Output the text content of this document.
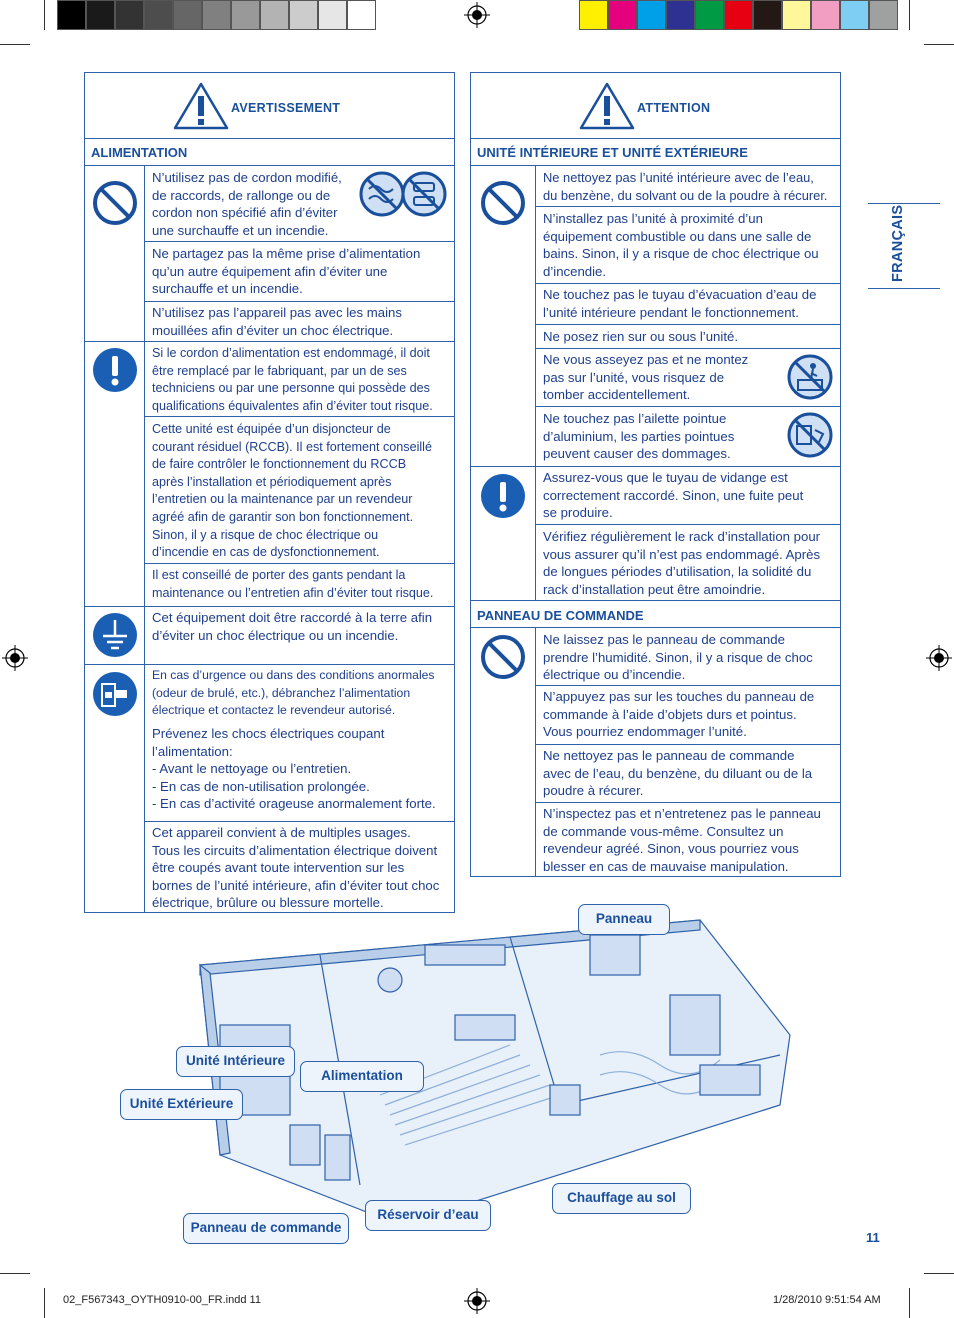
AVERTISSEMENT
ALIMENTATION
N’utilisez pas de cordon modifié,
de raccords, de rallonge ou de
cordon non spécifié afin d’éviter
une surchauffe et un incendie.
Ne partagez pas la même prise d’alimentation
qu’un autre équipement afin d’éviter une
surchauffe et un incendie.
N’utilisez pas l’appareil pas avec les mains
mouillées afin d’éviter un choc électrique.
Si le cordon d’alimentation est endommagé, il doit
être remplacé par le fabriquant, par un de ses
techniciens ou par une personne qui possède des
qualifications équivalentes afin d’éviter tout risque.
Cette unité est équipée d’un disjoncteur de
courant résiduel (RCCB). Il est fortement conseillé
de faire contrôler le fonctionnement du RCCB
après l’installation et périodiquement après
l’entretien ou la maintenance par un revendeur
agréé afin de garantir son bon fonctionnement.
Sinon, il y a risque de choc électrique ou
d’incendie en cas de dysfonctionnement.
Il est conseillé de porter des gants pendant la
maintenance ou l’entretien afin d’éviter tout risque.
Cet équipement doit être raccordé à la terre afin
d’éviter un choc électrique ou un incendie.
En cas d’urgence ou dans des conditions anormales
(odeur de brulé, etc.), débranchez l’alimentation
électrique et contactez le revendeur autorisé.
Prévenez les chocs électriques coupant
l’alimentation:
- Avant le nettoyage ou l’entretien.
- En cas de non-utilisation prolongée.
- En cas d’activité orageuse anormalement forte.
Cet appareil convient à de multiples usages.
Tous les circuits d’alimentation électrique doivent
être coupés avant toute intervention sur les
bornes de l’unité intérieure, afin d’éviter tout choc
électrique, brûlure ou blessure mortelle.
ATTENTION
UNITÉ INTÉRIEURE ET UNITÉ EXTÉRIEURE
PANNEAU DE COMMANDE
Ne nettoyez pas l’unité intérieure avec de l’eau,
du benzène, du solvant ou de la poudre à récurer.
N’installez pas l’unité à proximité d’un
équipement combustible ou dans une salle de
bains. Sinon, il y a risque de choc électrique ou
d’incendie.
Ne touchez pas le tuyau d’évacuation d’eau de
l’unité intérieure pendant le fonctionnement.
Ne posez rien sur ou sous l’unité.
Ne vous asseyez pas et ne montez
pas sur l’unité, vous risquez de
tomber accidentellement.
Ne touchez pas l’ailette pointue
d’aluminium, les parties pointues
peuvent causer des dommages.
Assurez-vous que le tuyau de vidange est
correctement raccordé. Sinon, une fuite peut
se produire.
Vérifiez régulièrement le rack d’installation pour
vous assurer qu’il n’est pas endommagé. Après
de longues périodes d’utilisation, la solidité du
rack d’installation peut être amoindrie.
Ne laissez pas le panneau de commande
prendre l’humidité. Sinon, il y a risque de choc
électrique ou d’incendie.
N’appuyez pas sur les touches du panneau de
commande à l’aide d’objets durs et pointus.
Vous pourriez endommager l’unité.
Ne nettoyez pas le panneau de commande
avec de l’eau, du benzène, du diluant ou de la
poudre à récurer.
N’inspectez pas et n’entretenez pas le panneau
de commande vous-même. Consultez un
revendeur agréé. Sinon, vous pourriez vous
blesser en cas de mauvaise manipulation.
FRANÇAIS
Panneau
Unité Intérieure
Alimentation
Unité Extérieure
Chauffage au sol
Réservoir d’eau
Panneau de commande
11
02_F567343_OYTH0910-00_FR.indd 11	1/28/2010 9:51:54 AM
